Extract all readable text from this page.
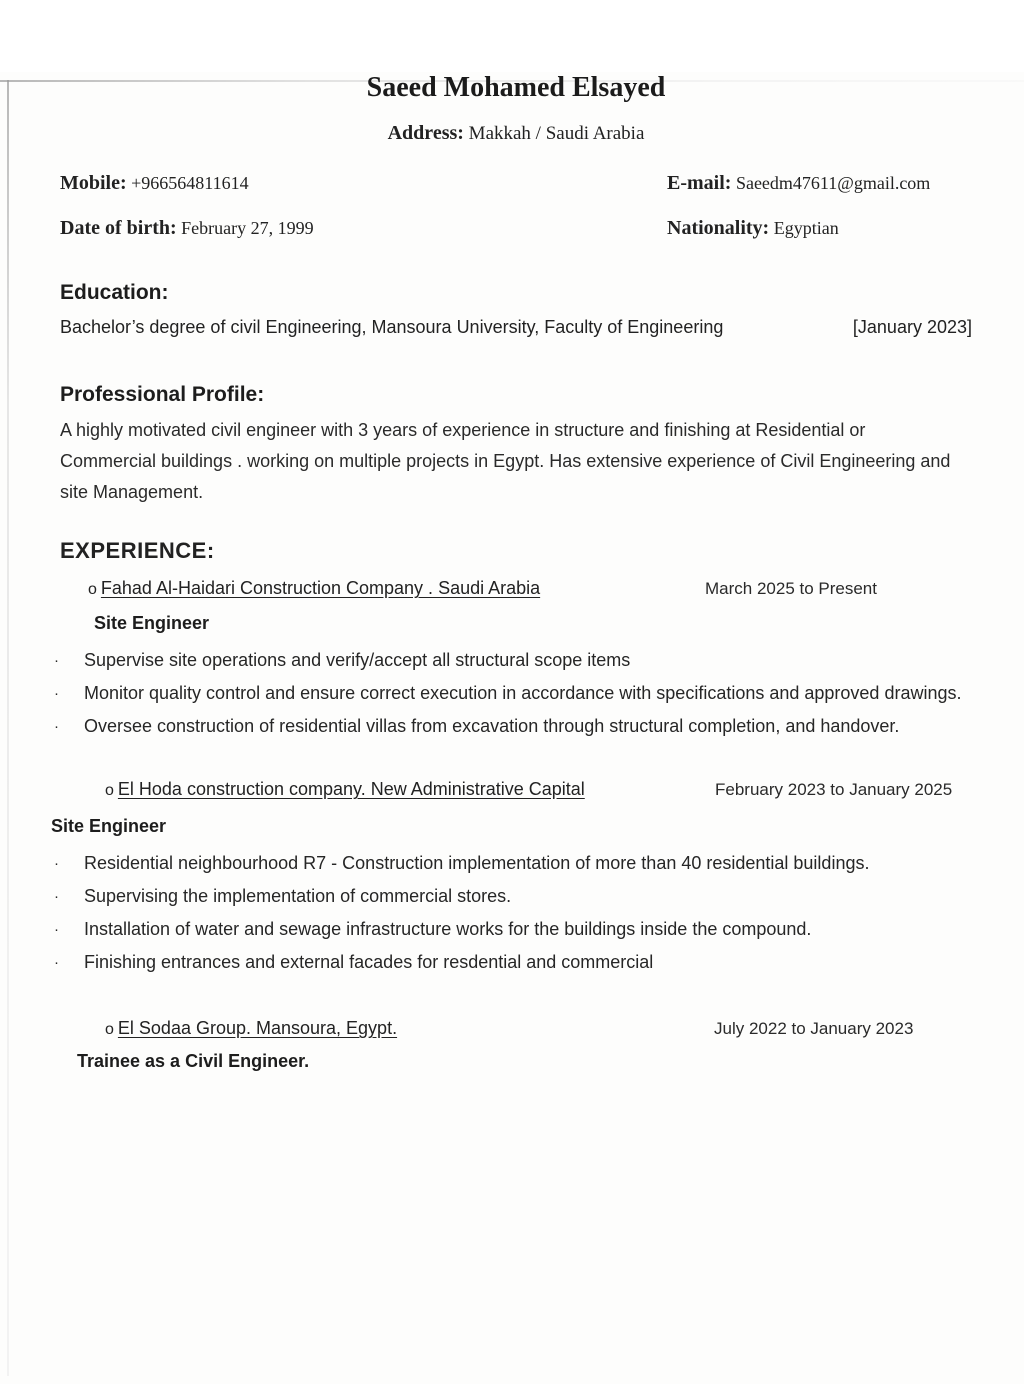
Saeed Mohamed Elsayed
Address: Makkah / Saudi Arabia
Mobile: +966564811614	E-mail: Saeedm47611@gmail.com
Date of birth: February 27, 1999	Nationality: Egyptian
Education:
Bachelor’s degree of civil Engineering, Mansoura University, Faculty of Engineering	[January 2023]
Professional Profile:
A highly motivated civil engineer with 3 years of experience in structure and finishing at Residential or Commercial buildings . working on multiple projects in Egypt. Has extensive experience of Civil Engineering and site Management.
EXPERIENCE:
o Fahad Al-Haidari Construction Company . Saudi Arabia	March 2025 to Present
Site Engineer
·	Supervise site operations and verify/accept all structural scope items
·	Monitor quality control and ensure correct execution in accordance with specifications and approved drawings.
·	Oversee construction of residential villas from excavation through structural completion, and handover.
o El Hoda construction company. New Administrative Capital	February 2023 to January 2025
Site Engineer
·	Residential neighbourhood R7 - Construction implementation of more than 40 residential buildings.
·	Supervising the implementation of commercial stores.
·	Installation of water and sewage infrastructure works for the buildings inside the compound.
·	Finishing entrances and external facades for resdential and commercial
o El Sodaa Group. Mansoura, Egypt.	July 2022 to January 2023
Trainee as a Civil Engineer.
